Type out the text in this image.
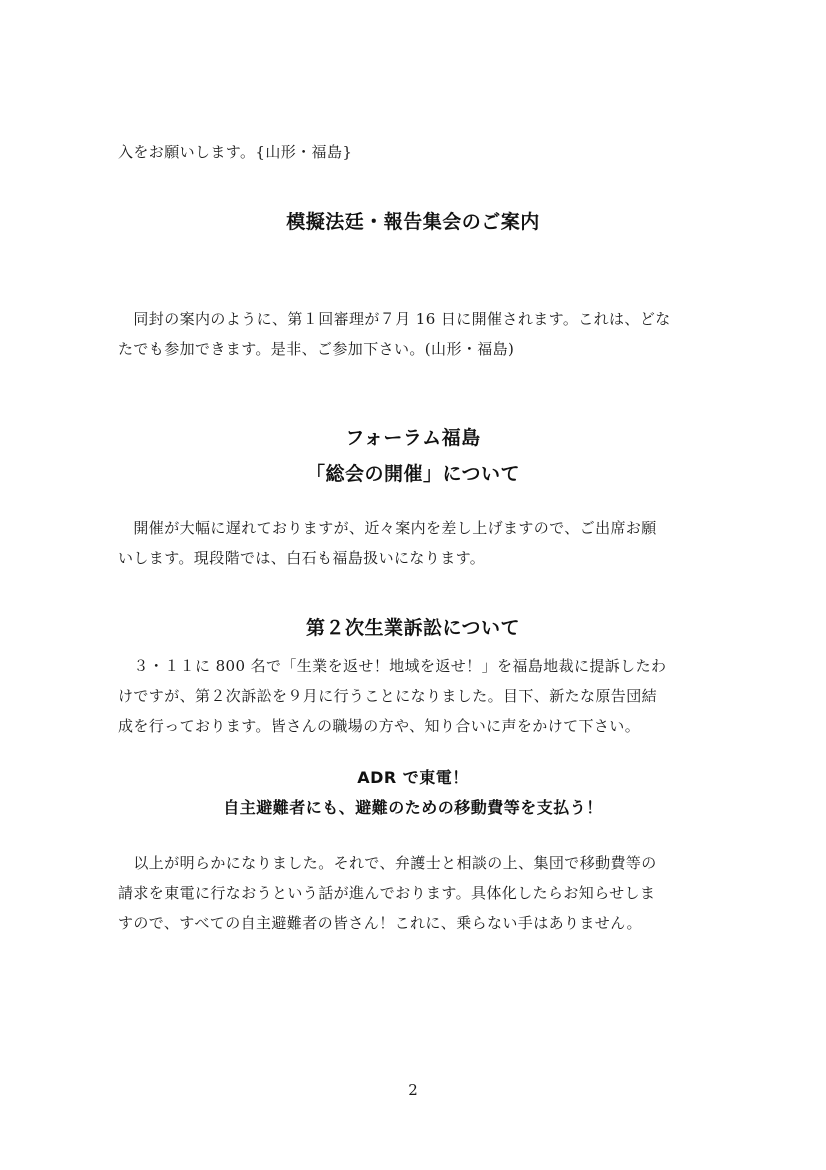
入をお願いします。{山形・福島}

模擬法廷・報告集会のご案内

　同封の案内のように、第１回審理が７月 16 日に開催されます。これは、どな
たでも参加できます。是非、ご参加下さい。(山形・福島)

フォーラム福島
「総会の開催」について

　開催が大幅に遅れておりますが、近々案内を差し上げますので、ご出席お願
いします。現段階では、白石も福島扱いになります。

第２次生業訴訟について

　３・１１に 800 名で「生業を返せ！地域を返せ！」を福島地裁に提訴したわ
けですが、第２次訴訟を９月に行うことになりました。目下、新たな原告団結
成を行っております。皆さんの職場の方や、知り合いに声をかけて下さい。

ADR で東電！
自主避難者にも、避難のための移動費等を支払う！

　以上が明らかになりました。それで、弁護士と相談の上、集団で移動費等の
請求を東電に行なおうという話が進んでおります。具体化したらお知らせしま
すので、すべての自主避難者の皆さん！これに、乗らない手はありません。

2
